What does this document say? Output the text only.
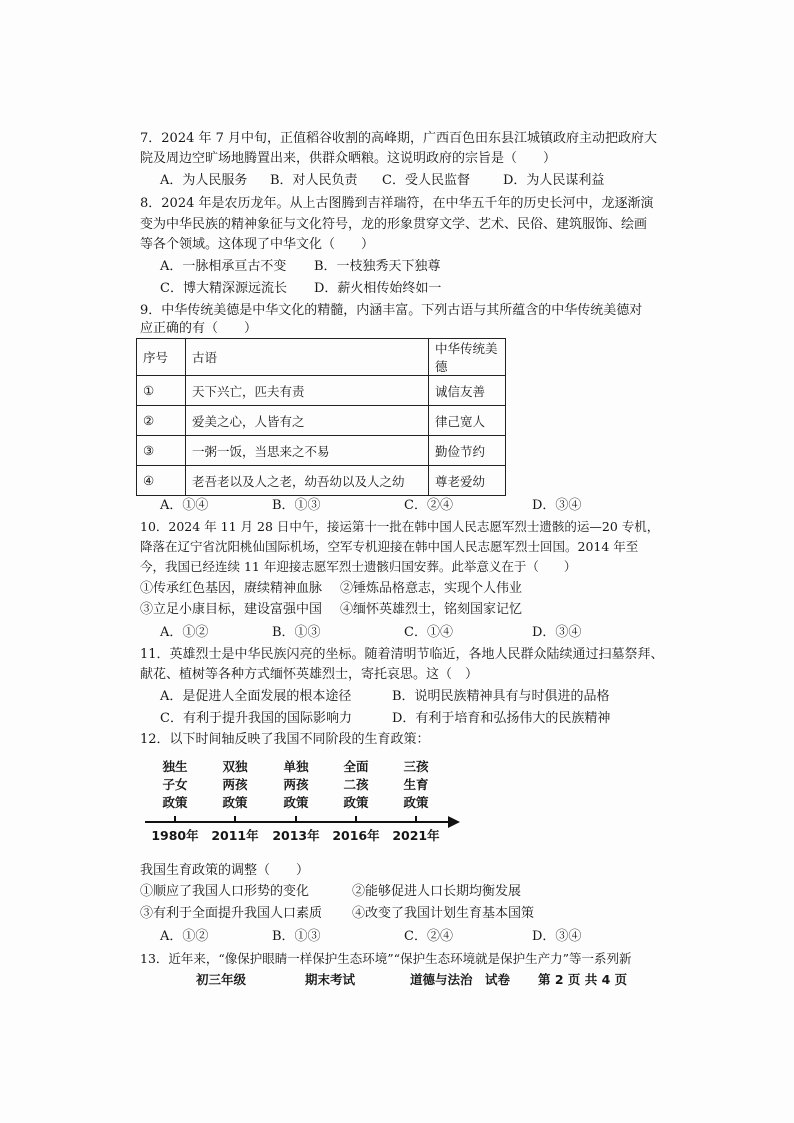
7．2024 年 7 月中旬，正值稻谷收割的高峰期，广西百色田东县江城镇政府主动把政府大
院及周边空旷场地腾置出来，供群众晒粮。这说明政府的宗旨是（　　）
A．为人民服务 B．对人民负责 C．受人民监督	D．为人民谋利益
8．2024 年是农历龙年。从上古图腾到吉祥瑞符，在中华五千年的历史长河中，龙逐渐演
变为中华民族的精神象征与文化符号，龙的形象贯穿文学、艺术、民俗、建筑服饰、绘画
等各个领域。这体现了中华文化（　　）
A．一脉相承亘古不变 B．一枝独秀天下独尊
C．博大精深源远流长 D．薪火相传始终如一
9．中华传统美德是中华文化的精髓，内涵丰富。下列古语与其所蕴含的中华传统美德对
应正确的有（　　）
序号	古语	中华传统美德
①	天下兴亡，匹夫有责	诚信友善
②	爱美之心，人皆有之	律己宽人
③	一粥一饭，当思来之不易	勤俭节约
④	老吾老以及人之老，幼吾幼以及人之幼	尊老爱幼
A．①④	B．①③	C．②④	D．③④
10．2024 年 11 月 28 日中午，接运第十一批在韩中国人民志愿军烈士遗骸的运—20 专机，
降落在辽宁省沈阳桃仙国际机场，空军专机迎接在韩中国人民志愿军烈士回国。2014 年至
今，我国已经连续 11 年迎接志愿军烈士遗骸归国安葬。此举意义在于（　　）
①传承红色基因，赓续精神血脉 ②锤炼品格意志，实现个人伟业
③立足小康目标，建设富强中国 ④缅怀英雄烈士，铭刻国家记忆
A．①②	B．①③	C．①④	D．③④
11．英雄烈士是中华民族闪亮的坐标。随着清明节临近，各地人民群众陆续通过扫墓祭拜、
献花、植树等各种方式缅怀英雄烈士，寄托哀思。这（　）
A．是促进人全面发展的根本途径	B．说明民族精神具有与时俱进的品格
C．有利于提升我国的国际影响力	D．有利于培育和弘扬伟大的民族精神
12．以下时间轴反映了我国不同阶段的生育政策：
独生
子女
政策
双独
两孩
政策
单独
两孩
政策
全面
二孩
政策
三孩
生育
政策
1980年	2011年	2013年	2016年	2021年
我国生育政策的调整（　　）
①顺应了我国人口形势的变化	②能够促进人口长期均衡发展
③有利于全面提升我国人口素质 ④改变了我国计划生育基本国策
A．①②	B．①③	C．②④	D．③④
13．近年来，“像保护眼睛一样保护生态环境”“保护生态环境就是保护生产力”等一系列新
初三年级	期末考试	道德与法治　试卷 第 2 页 共 4 页
